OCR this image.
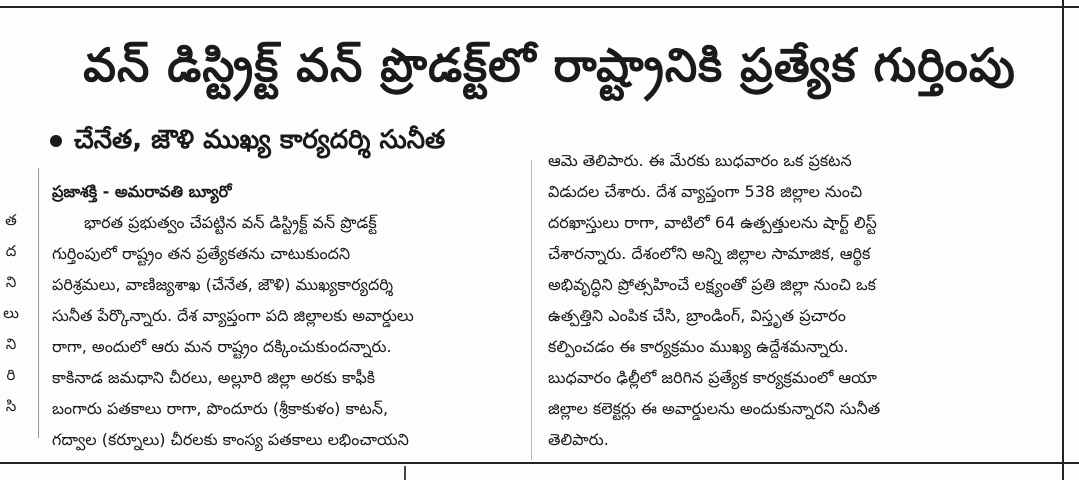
త
ద
ని
లు
ని
రి
సి
వన్ డిస్ట్రిక్ట్ వన్ ప్రొడక్ట్‌లో రాష్ట్రానికి ప్రత్యేక గుర్తింపు
చేనేత, జౌళి ముఖ్య కార్యదర్శి సునీత
ప్రజాశక్తి - అమరావతి బ్యూరో
భారత ప్రభుత్వం చేపట్టిన వన్ డిస్ట్రిక్ట్ వన్ ప్రొడక్ట్
గుర్తింపులో రాష్ట్రం తన ప్రత్యేకతను చాటుకుందని
పరిశ్రమలు, వాణిజ్యశాఖ (చేనేత, జౌళి) ముఖ్యకార్యదర్శి
సునీత పేర్కొన్నారు. దేశ వ్యాప్తంగా పది జిల్లాలకు అవార్డులు
రాగా, అందులో ఆరు మన రాష్ట్రం దక్కించుకుందన్నారు.
కాకినాడ జమధాని చీరలు, అల్లూరి జిల్లా అరకు కాఫీకి
బంగారు పతకాలు రాగా, పొందూరు (శ్రీకాకుళం) కాటన్,
గద్వాల (కర్నూలు) చీరలకు కాంస్య పతకాలు లభించాయని
ఆమె తెలిపారు. ఈ మేరకు బుధవారం ఒక ప్రకటన
విడుదల చేశారు. దేశ వ్యాప్తంగా 538 జిల్లాల నుంచి
దరఖాస్తులు రాగా, వాటిలో 64 ఉత్పత్తులను షార్ట్ లిస్ట్
చేశారన్నారు. దేశంలోని అన్ని జిల్లాల సామాజిక, ఆర్థిక
అభివృద్ధిని ప్రోత్సహించే లక్ష్యంతో ప్రతి జిల్లా నుంచి ఒక
ఉత్పత్తిని ఎంపిక చేసి, బ్రాండింగ్, విస్తృత ప్రచారం
కల్పించడం ఈ కార్యక్రమం ముఖ్య ఉద్దేశమన్నారు.
బుధవారం ఢిల్లీలో జరిగిన ప్రత్యేక కార్యక్రమంలో ఆయా
జిల్లాల కలెక్టర్లు ఈ అవార్డులను అందుకున్నారని సునీత
తెలిపారు.
